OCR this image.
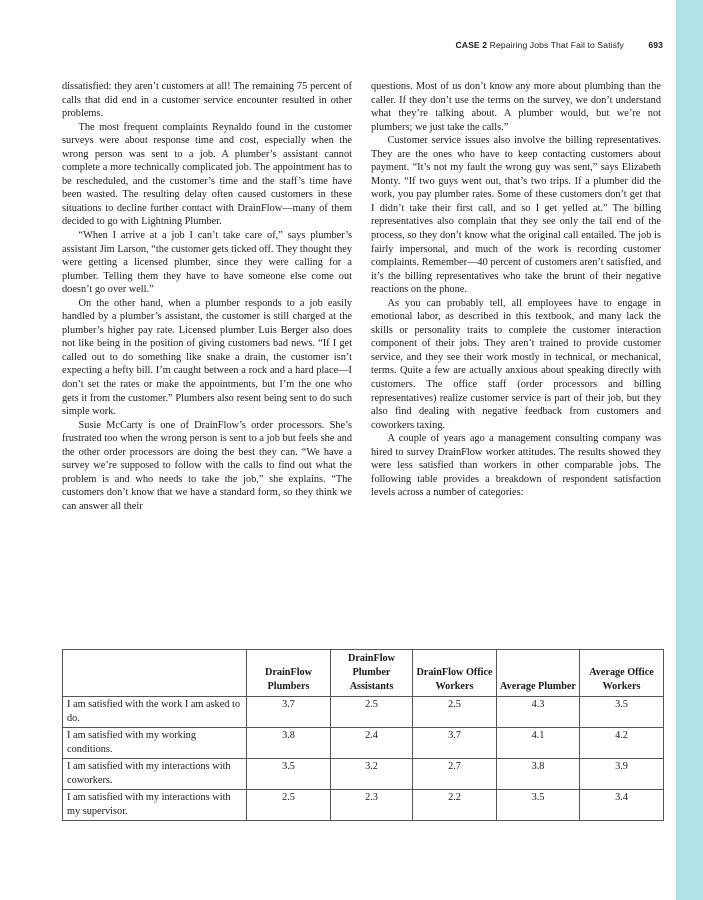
CASE 2 Repairing Jobs That Fail to Satisfy	693

dissatisfied: they aren’t customers at all! The remaining 75 percent of calls that did end in a customer service encounter resulted in other problems.

The most frequent complaints Reynaldo found in the customer surveys were about response time and cost, especially when the wrong person was sent to a job. A plumber’s assistant cannot complete a more technically complicated job. The appointment has to be rescheduled, and the customer’s time and the staff’s time have been wasted. The resulting delay often caused customers in these situations to decline further contact with DrainFlow—many of them decided to go with Lightning Plumber.

“When I arrive at a job I can’t take care of,” says plumber’s assistant Jim Larson, “the customer gets ticked off. They thought they were getting a licensed plumber, since they were calling for a plumber. Telling them they have to have someone else come out doesn’t go over well.”

On the other hand, when a plumber responds to a job easily handled by a plumber’s assistant, the customer is still charged at the plumber’s higher pay rate. Licensed plumber Luis Berger also does not like being in the position of giving customers bad news. “If I get called out to do something like snake a drain, the customer isn’t expecting a hefty bill. I’m caught between a rock and a hard place—I don’t set the rates or make the appointments, but I’m the one who gets it from the customer.” Plumbers also resent being sent to do such simple work.

Susie McCarty is one of DrainFlow’s order processors. She’s frustrated too when the wrong person is sent to a job but feels she and the other order processors are doing the best they can. “We have a survey we’re supposed to follow with the calls to find out what the problem is and who needs to take the job,” she explains. “The customers don’t know that we have a standard form, so they think we can answer all their

questions. Most of us don’t know any more about plumbing than the caller. If they don’t use the terms on the survey, we don’t understand what they’re talking about. A plumber would, but we’re not plumbers; we just take the calls.”

Customer service issues also involve the billing representatives. They are the ones who have to keep contacting customers about payment. “It’s not my fault the wrong guy was sent,” says Elizabeth Monty. “If two guys went out, that’s two trips. If a plumber did the work, you pay plumber rates. Some of these customers don’t get that I didn’t take their first call, and so I get yelled at.” The billing representatives also complain that they see only the tail end of the process, so they don’t know what the original call entailed. The job is fairly impersonal, and much of the work is recording customer complaints. Remember—40 percent of customers aren’t satisfied, and it’s the billing representatives who take the brunt of their negative reactions on the phone.

As you can probably tell, all employees have to engage in emotional labor, as described in this textbook, and many lack the skills or personality traits to complete the customer interaction component of their jobs. They aren’t trained to provide customer service, and they see their work mostly in technical, or mechanical, terms. Quite a few are actually anxious about speaking directly with customers. The office staff (order processors and billing representatives) realize customer service is part of their job, but they also find dealing with negative feedback from customers and coworkers taxing.

A couple of years ago a management consulting company was hired to survey DrainFlow worker attitudes. The results showed they were less satisfied than workers in other comparable jobs. The following table provides a breakdown of respondent satisfaction levels across a number of categories:

	DrainFlow Plumbers	DrainFlow Plumber Assistants	DrainFlow Office Workers	Average Plumber	Average Office Workers
I am satisfied with the work I am asked to do.	3.7	2.5	2.5	4.3	3.5
I am satisfied with my working conditions.	3.8	2.4	3.7	4.1	4.2
I am satisfied with my interactions with coworkers.	3.5	3.2	2.7	3.8	3.9
I am satisfied with my interactions with my supervisor.	2.5	2.3	2.2	3.5	3.4
